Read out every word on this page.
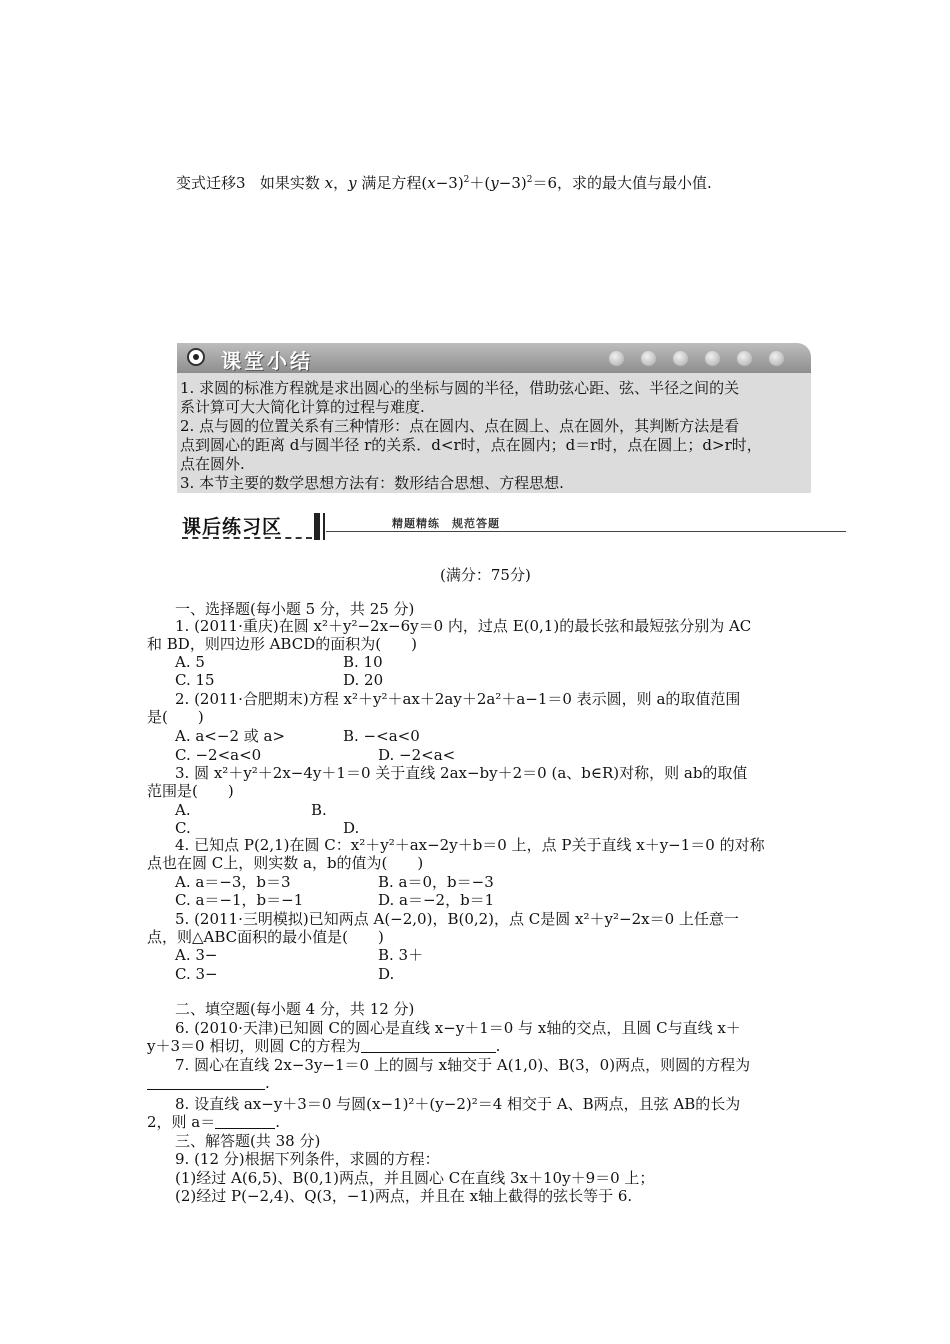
变式迁移3 如果实数 x，y 满足方程$(x-3)^2+(y-3)^2=6$，求的最大值与最小值.
课堂小结
1. 求圆的标准方程就是求出圆心的坐标与圆的半径，借助弦心距、弦、半径之间的关
系计算可大大简化计算的过程与难度.
2. 点与圆的位置关系有三种情形：点在圆内、点在圆上、点在圆外，其判断方法是看
点到圆心的距离 d与圆半径 r的关系．d<r时，点在圆内；d＝r时，点在圆上；d>r时，
点在圆外.
3. 本节主要的数学思想方法有：数形结合思想、方程思想.
课后练习区	精题精练　规范答题
(满分：75分)
一、选择题(每小题 5 分，共 25 分)
1. (2011·重庆)在圆 x²＋y²−2x−6y＝0 内，过点 E(0,1)的最长弦和最短弦分别为 AC
和 BD，则四边形 ABCD的面积为(　　)
A. 5	B. 10
C. 15	D. 20
2. (2011·合肥期末)方程 x²＋y²＋ax＋2ay＋2a²＋a−1＝0 表示圆，则 a的取值范围
是(　　)
A. a<−2 或 a>	B. −<a<0
C. −2<a<0	D. −2<a<
3. 圆 x²＋y²＋2x−4y＋1＝0 关于直线 2ax−by＋2＝0 (a、b∈R)对称，则 ab的取值
范围是(　　)
A.	B.
C.	D.
4. 已知点 P(2,1)在圆 C：x²＋y²＋ax−2y＋b＝0 上，点 P关于直线 x＋y−1＝0 的对称
点也在圆 C上，则实数 a，b的值为(　　)
A. a＝−3，b＝3	B. a＝0，b＝−3
C. a＝−1，b＝−1	D. a＝−2，b＝1
5. (2011·三明模拟)已知两点 A(−2,0)，B(0,2)，点 C是圆 x²＋y²−2x＝0 上任意一
点，则△ABC面积的最小值是(　　)
A. 3−	B. 3＋
C. 3−	D.
二、填空题(每小题 4 分，共 12 分)
6. (2010·天津)已知圆 C的圆心是直线 x−y＋1＝0 与 x轴的交点，且圆 C与直线 x＋
y＋3＝0 相切，则圆 C的方程为	.
7. 圆心在直线 2x−3y−1＝0 上的圆与 x轴交于 A(1,0)、B(3，0)两点，则圆的方程为
.
8. 设直线 ax−y＋3＝0 与圆(x−1)²＋(y−2)²＝4 相交于 A、B两点，且弦 AB的长为
2，则 a＝	.
三、解答题(共 38 分)
9. (12 分)根据下列条件，求圆的方程：
(1)经过 A(6,5)、B(0,1)两点，并且圆心 C在直线 3x＋10y＋9＝0 上；
(2)经过 P(−2,4)、Q(3，−1)两点，并且在 x轴上截得的弦长等于 6.
